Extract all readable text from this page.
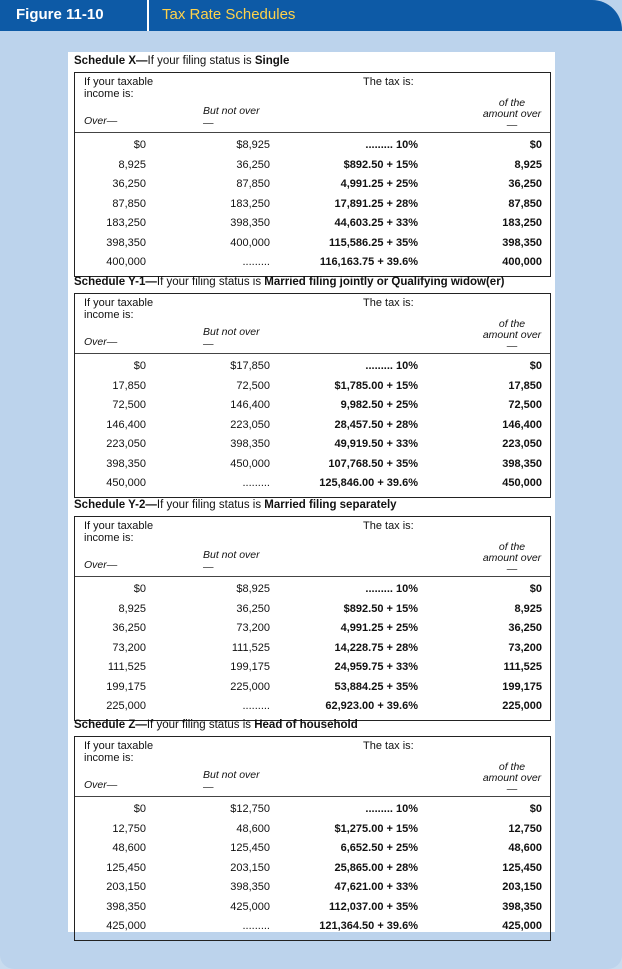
Figure 11-10	Tax Rate Schedules
Schedule X—If your filing status is Single
If your taxable income is:
The tax is:
But not over—
Over—
of the amount over—
$0	$8,925	......... 10%	$0
8,925	36,250	$892.50 + 15%	8,925
36,250	87,850	4,991.25 + 25%	36,250
87,850	183,250	17,891.25 + 28%	87,850
183,250	398,350	44,603.25 + 33%	183,250
398,350	400,000	115,586.25 + 35%	398,350
400,000	.........	116,163.75 + 39.6%	400,000
Schedule Y-1—If your filing status is Married filing jointly or Qualifying widow(er)
If your taxable income is:
The tax is:
But not over—
Over—
of the amount over—
$0	$17,850	......... 10%	$0
17,850	72,500	$1,785.00 + 15%	17,850
72,500	146,400	9,982.50 + 25%	72,500
146,400	223,050	28,457.50 + 28%	146,400
223,050	398,350	49,919.50 + 33%	223,050
398,350	450,000	107,768.50 + 35%	398,350
450,000	.........	125,846.00 + 39.6%	450,000
Schedule Y-2—If your filing status is Married filing separately
If your taxable income is:
The tax is:
But not over—
Over—
of the amount over—
$0	$8,925	......... 10%	$0
8,925	36,250	$892.50 + 15%	8,925
36,250	73,200	4,991.25 + 25%	36,250
73,200	111,525	14,228.75 + 28%	73,200
111,525	199,175	24,959.75 + 33%	111,525
199,175	225,000	53,884.25 + 35%	199,175
225,000	.........	62,923.00 + 39.6%	225,000
Schedule Z—If your filing status is Head of household
If your taxable income is:
The tax is:
But not over—
Over—
of the amount over—
$0	$12,750	......... 10%	$0
12,750	48,600	$1,275.00 + 15%	12,750
48,600	125,450	6,652.50 + 25%	48,600
125,450	203,150	25,865.00 + 28%	125,450
203,150	398,350	47,621.00 + 33%	203,150
398,350	425,000	112,037.00 + 35%	398,350
425,000	.........	121,364.50 + 39.6%	425,000
